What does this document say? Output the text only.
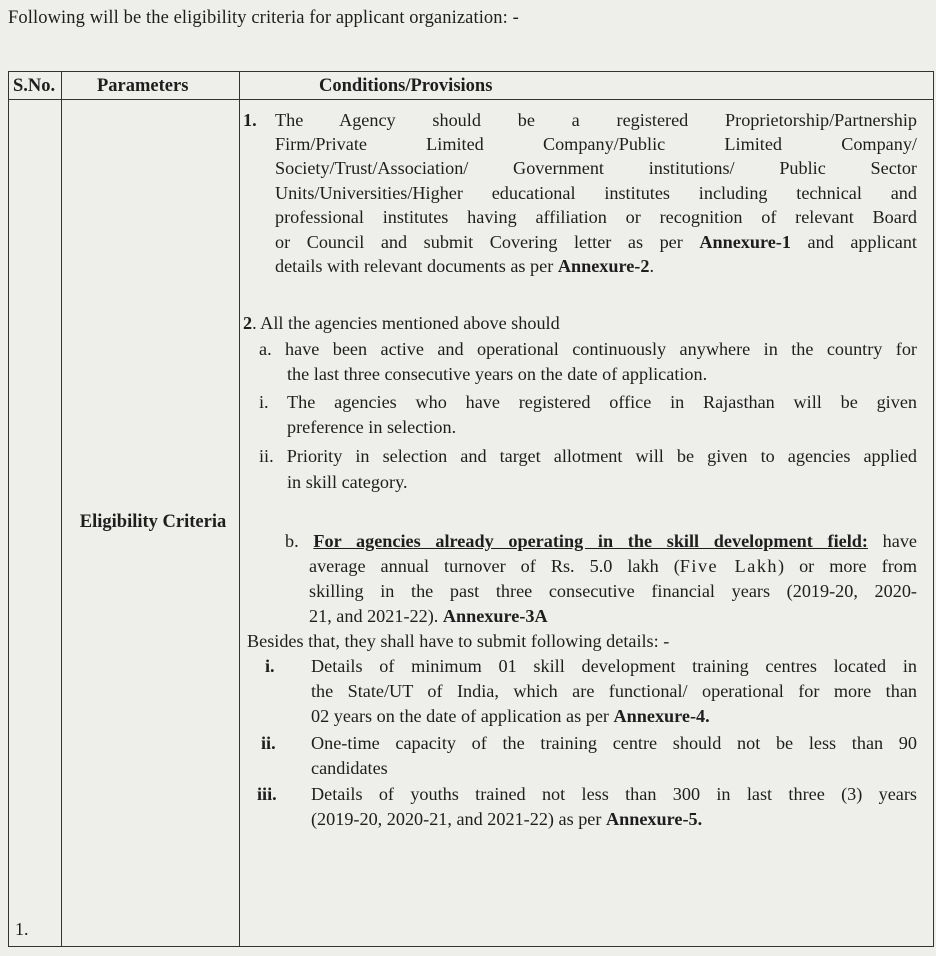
Following will be the eligibility criteria for applicant organization: -
S.No. Parameters	Conditions/Provisions
1.
Eligibility Criteria
1. The Agency should be a registered Proprietorship/Partnership
Firm/Private Limited Company/Public Limited Company/
Society/Trust/Association/ Government institutions/ Public Sector
Units/Universities/Higher educational institutes including technical and
professional institutes having affiliation or recognition of relevant Board
or Council and submit Covering letter as per Annexure-1 and applicant
details with relevant documents as per Annexure-2.
2. All the agencies mentioned above should
a. have been active and operational continuously anywhere in the country for
the last three consecutive years on the date of application.
i. The agencies who have registered office in Rajasthan will be given
preference in selection.
ii. Priority in selection and target allotment will be given to agencies applied
in skill category.
b. For agencies already operating in the skill development field: have
average annual turnover of Rs. 5.0 lakh (Five Lakh) or more from
skilling in the past three consecutive financial years (2019-20, 2020-
21, and 2021-22). Annexure-3A
Besides that, they shall have to submit following details: -
i. Details of minimum 01 skill development training centres located in
the State/UT of India, which are functional/ operational for more than
02 years on the date of application as per Annexure-4.
ii. One-time capacity of the training centre should not be less than 90
candidates
iii. Details of youths trained not less than 300 in last three (3) years
(2019-20, 2020-21, and 2021-22) as per Annexure-5.
